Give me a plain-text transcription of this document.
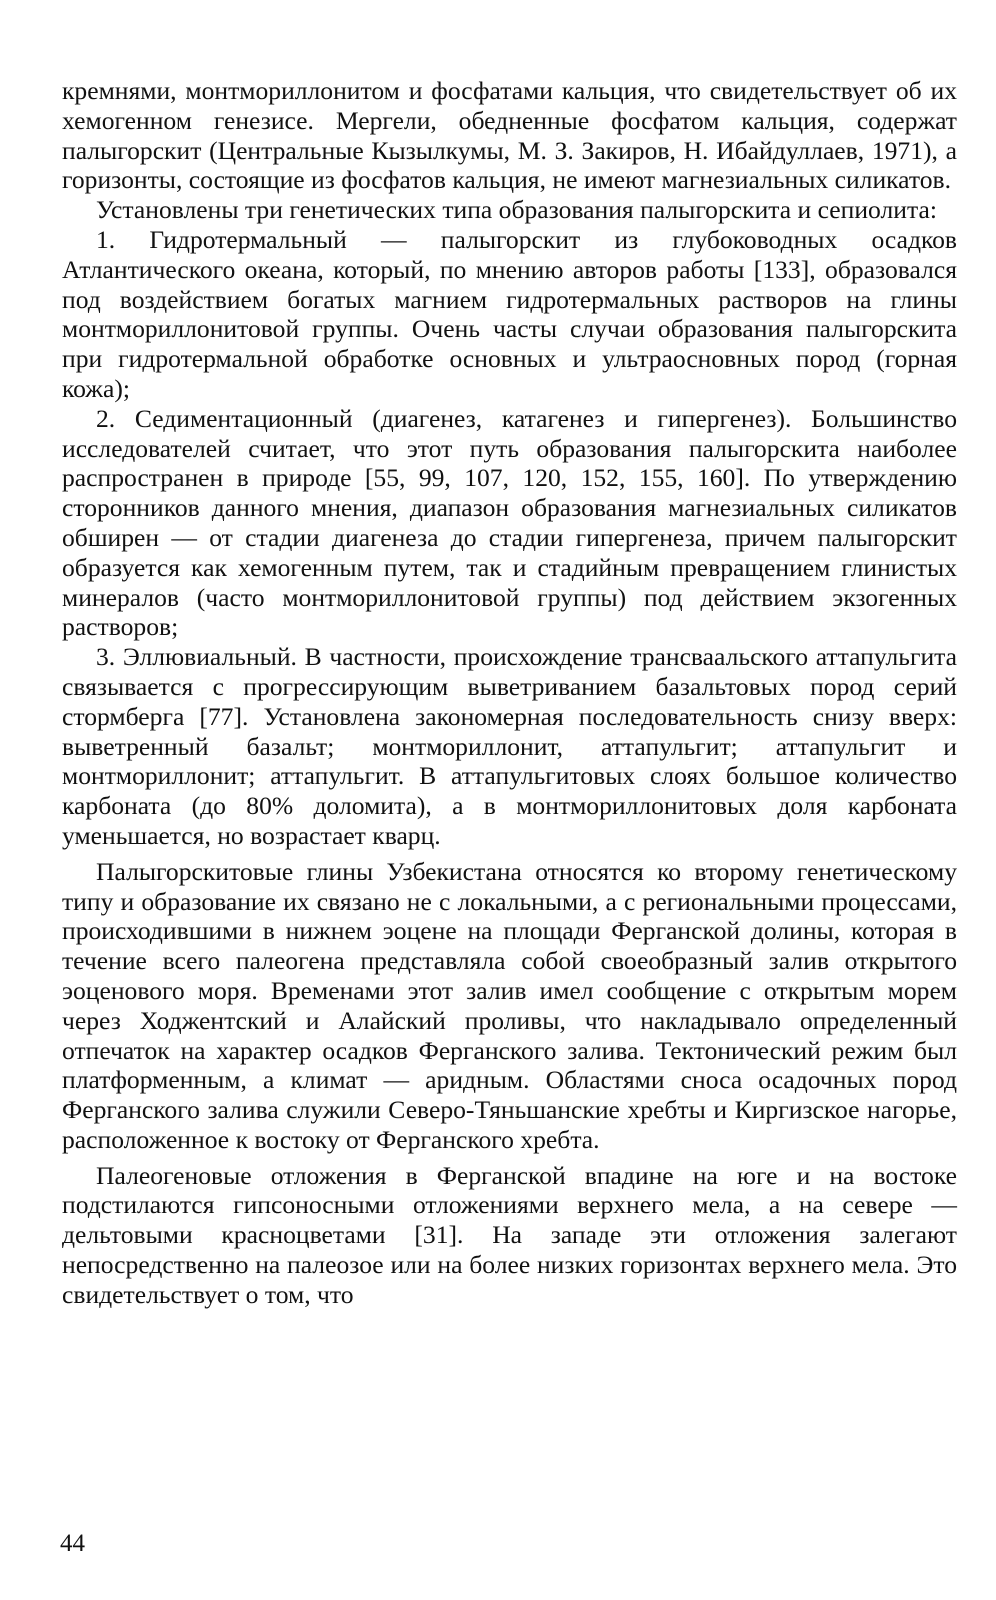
кремнями, монтмориллонитом и фосфатами кальция, что свидетельствует об их хемогенном генезисе. Мергели, обедненные фосфатом кальция, содержат палыгорскит (Центральные Кызылкумы, М. З. Закиров, Н. Ибайдуллаев, 1971), а горизонты, состоящие из фосфатов кальция, не имеют магнезиальных силикатов.

Установлены три генетических типа образования палыгорскита и сепиолита:

1. Гидротермальный — палыгорскит из глубоководных осадков Атлантического океана, который, по мнению авторов работы [133], образовался под воздействием богатых магнием гидротермальных растворов на глины монтмориллонитовой группы. Очень часты случаи образования палыгорскита при гидротермальной обработке основных и ультраосновных пород (горная кожа);

2. Седиментационный (диагенез, катагенез и гипергенез). Большинство исследователей считает, что этот путь образования палыгорскита наиболее распространен в природе [55, 99, 107, 120, 152, 155, 160]. По утверждению сторонников данного мнения, диапазон образования магнезиальных силикатов обширен — от стадии диагенеза до стадии гипергенеза, причем палыгорскит образуется как хемогенным путем, так и стадийным превращением глинистых минералов (часто монтмориллонитовой группы) под действием экзогенных растворов;

3. Эллювиальный. В частности, происхождение трансваальского аттапульгита связывается с прогрессирующим выветриванием базальтовых пород серий стормберга [77]. Установлена закономерная последовательность снизу вверх: выветренный базальт; монтмориллонит, аттапульгит; аттапульгит и монтмориллонит; аттапульгит. В аттапульгитовых слоях большое количество карбоната (до 80% доломита), а в монтмориллонитовых доля карбоната уменьшается, но возрастает кварц.

Палыгорскитовые глины Узбекистана относятся ко второму генетическому типу и образование их связано не с локальными, а с региональными процессами, происходившими в нижнем эоцене на площади Ферганской долины, которая в течение всего палеогена представляла собой своеобразный залив открытого эоценового моря. Временами этот залив имел сообщение с открытым морем через Ходжентский и Алайский проливы, что накладывало определенный отпечаток на характер осадков Ферганского залива. Тектонический режим был платформенным, а климат — аридным. Областями сноса осадочных пород Ферганского залива служили Северо-Тяньшанские хребты и Киргизское нагорье, расположенное к востоку от Ферганского хребта.

Палеогеновые отложения в Ферганской впадине на юге и на востоке подстилаются гипсоносными отложениями верхнего мела, а на севере — дельтовыми красноцветами [31]. На западе эти отложения залегают непосредственно на палеозое или на более низких горизонтах верхнего мела. Это свидетельствует о том, что

44
